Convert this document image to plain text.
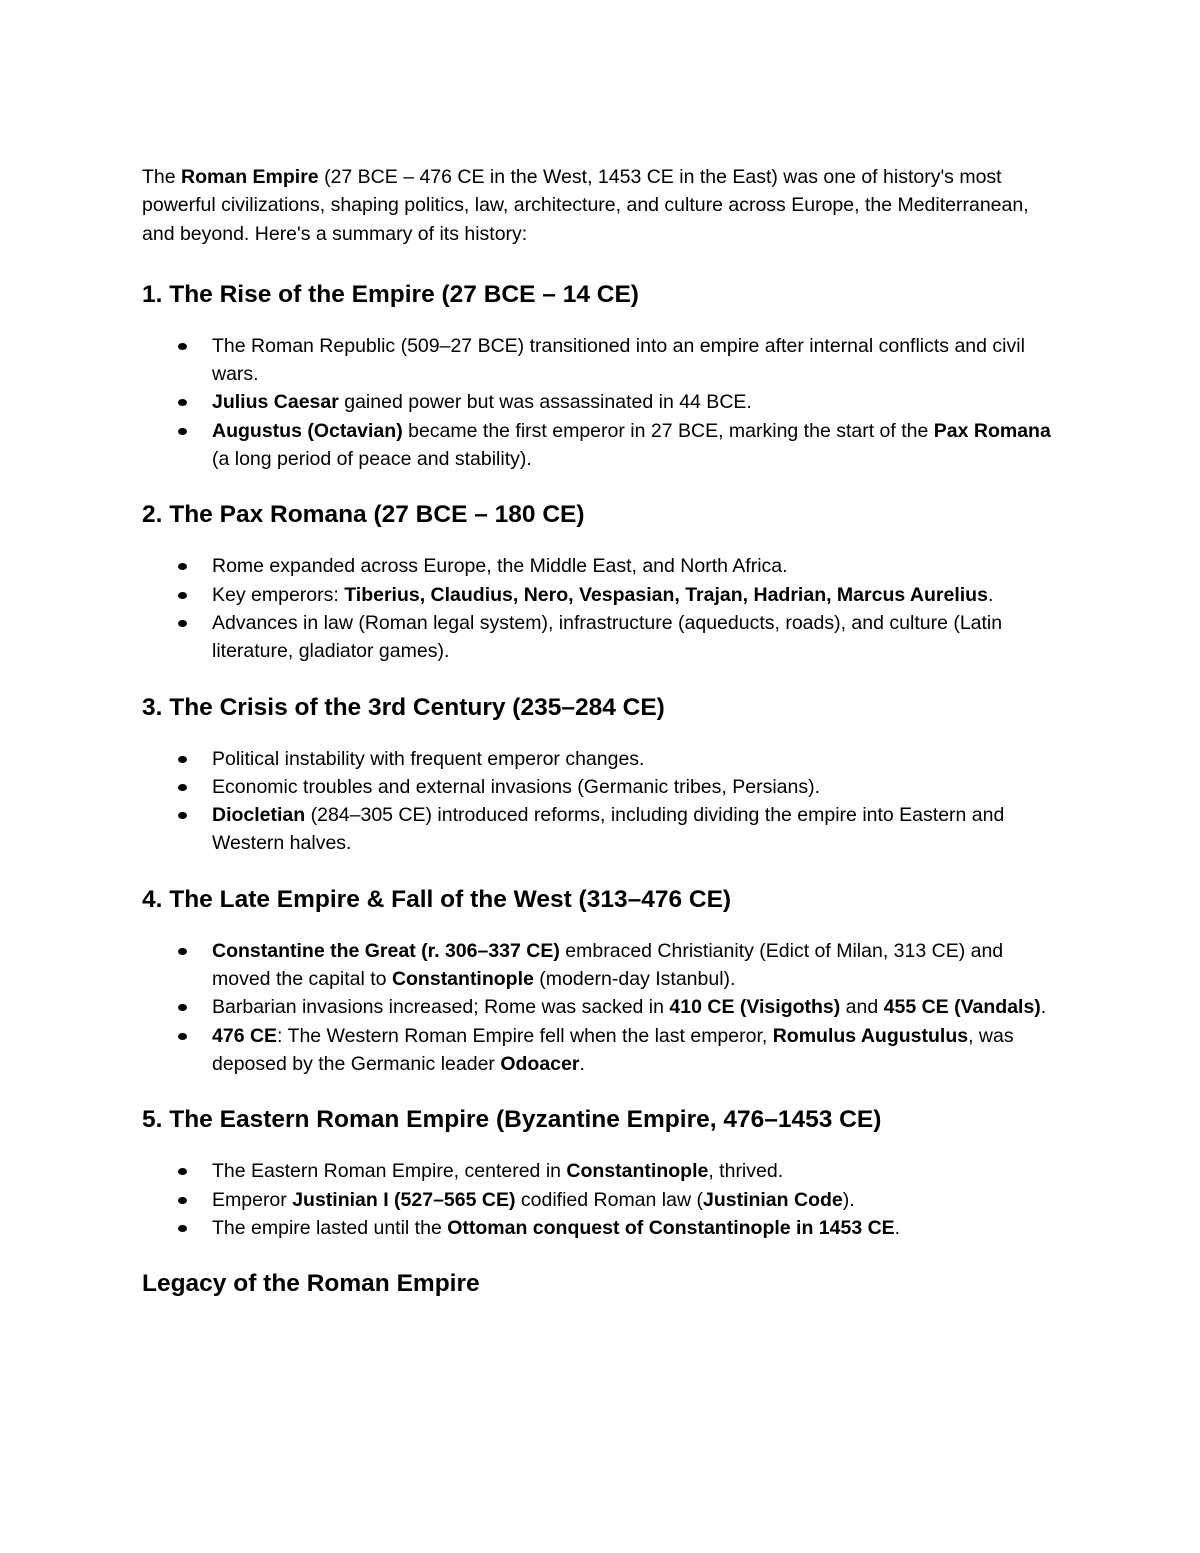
The Roman Empire (27 BCE – 476 CE in the West, 1453 CE in the East) was one of history's most powerful civilizations, shaping politics, law, architecture, and culture across Europe, the Mediterranean, and beyond. Here's a summary of its history:

1. The Rise of the Empire (27 BCE – 14 CE)
The Roman Republic (509–27 BCE) transitioned into an empire after internal conflicts and civil wars.
Julius Caesar gained power but was assassinated in 44 BCE.
Augustus (Octavian) became the first emperor in 27 BCE, marking the start of the Pax Romana (a long period of peace and stability).
2. The Pax Romana (27 BCE – 180 CE)
Rome expanded across Europe, the Middle East, and North Africa.
Key emperors: Tiberius, Claudius, Nero, Vespasian, Trajan, Hadrian, Marcus Aurelius.
Advances in law (Roman legal system), infrastructure (aqueducts, roads), and culture (Latin literature, gladiator games).
3. The Crisis of the 3rd Century (235–284 CE)
Political instability with frequent emperor changes.
Economic troubles and external invasions (Germanic tribes, Persians).
Diocletian (284–305 CE) introduced reforms, including dividing the empire into Eastern and Western halves.
4. The Late Empire & Fall of the West (313–476 CE)
Constantine the Great (r. 306–337 CE) embraced Christianity (Edict of Milan, 313 CE) and moved the capital to Constantinople (modern-day Istanbul).
Barbarian invasions increased; Rome was sacked in 410 CE (Visigoths) and 455 CE (Vandals).
476 CE: The Western Roman Empire fell when the last emperor, Romulus Augustulus, was deposed by the Germanic leader Odoacer.
5. The Eastern Roman Empire (Byzantine Empire, 476–1453 CE)
The Eastern Roman Empire, centered in Constantinople, thrived.
Emperor Justinian I (527–565 CE) codified Roman law (Justinian Code).
The empire lasted until the Ottoman conquest of Constantinople in 1453 CE.
Legacy of the Roman Empire
